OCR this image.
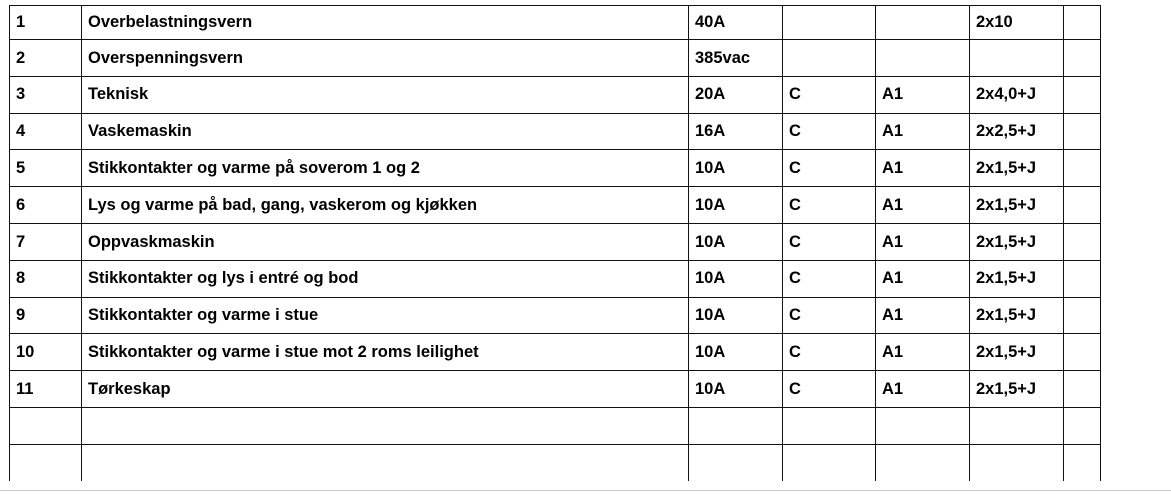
1	Overbelastningsvern	40A			2x10	
2	Overspenningsvern	385vac				
3	Teknisk	20A	C	A1	2x4,0+J	
4	Vaskemaskin	16A	C	A1	2x2,5+J	
5	Stikkontakter og varme på soverom 1 og 2	10A	C	A1	2x1,5+J	
6	Lys og varme på bad, gang, vaskerom og kjøkken	10A	C	A1	2x1,5+J	
7	Oppvaskmaskin	10A	C	A1	2x1,5+J	
8	Stikkontakter og lys i entré og bod	10A	C	A1	2x1,5+J	
9	Stikkontakter og varme i stue	10A	C	A1	2x1,5+J	
10	Stikkontakter og varme i stue mot 2 roms leilighet	10A	C	A1	2x1,5+J	
11	Tørkeskap	10A	C	A1	2x1,5+J	
